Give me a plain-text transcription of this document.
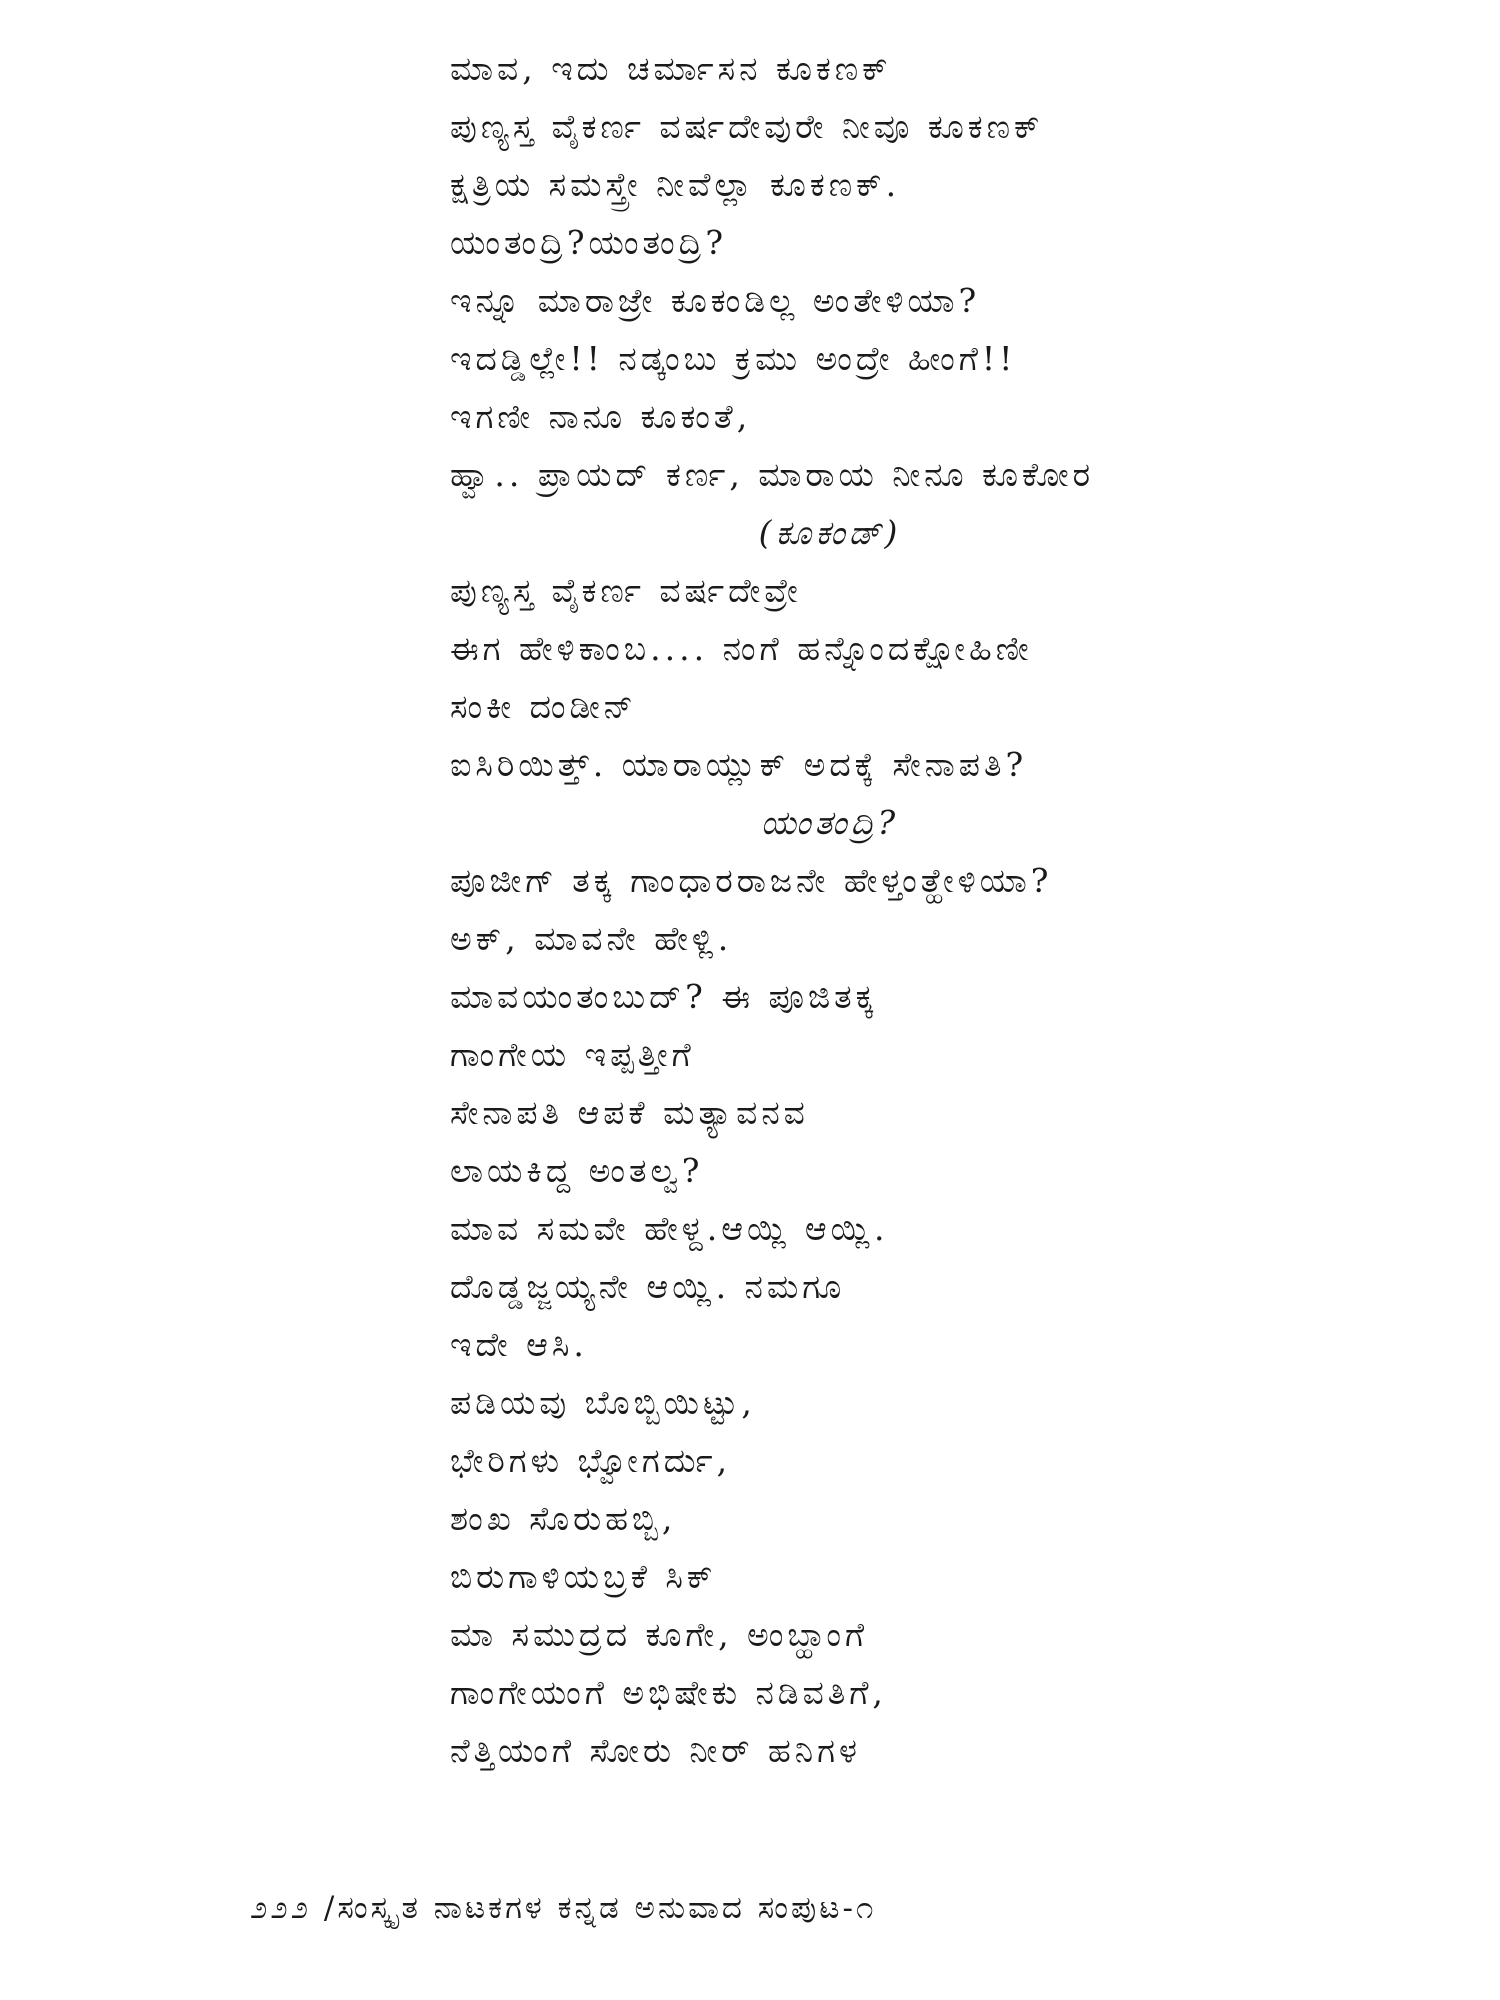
ಮಾವ, ಇದು ಚರ್ಮಾಸನ ಕೂಕಣಕ್
ಪುಣ್ಯಸ್ತ ವೈಕರ್ಣ ವರ್ಷದೇವುರೇ ನೀವೂ ಕೂಕಣಕ್
ಕ್ಷತ್ರಿಯ ಸಮಸ್ತ್ರೇ ನೀವೆಲ್ಲಾ ಕೂಕಣಕ್.
ಯಂತಂದ್ರಿ?ಯಂತಂದ್ರಿ?
ಇನ್ನೂ ಮಾರಾಜ್ರೇ ಕೂಕಂಡಿಲ್ಲ ಅಂತೇಳಿಯಾ?
ಇದಡ್ಡಿಲ್ಲೇ!! ನಡ್ಕಂಬು ಕ್ರಮು ಅಂದ್ರೇ ಹೀಂಗೆ!!
ಇಗಣೀ ನಾನೂ ಕೂಕಂತೆ,
ಹ್ವಾ.. ಪ್ರಾಯದ್ ಕರ್ಣ, ಮಾರಾಯ ನೀನೂ ಕೂಕೋರ
(ಕೂಕಂಡ್)
ಪುಣ್ಯಸ್ತ ವೈಕರ್ಣ ವರ್ಷದೇವ್ರೇ
ಈಗ ಹೇಳಿಕಾಂಬ.... ನಂಗೆ ಹನ್ನೊಂದಕ್ಷೋಹಿಣೀ
ಸಂಕೀ ದಂಡೀನ್
ಐಸಿರಿಯಿತ್ತ್. ಯಾರಾಯ್ಲುಕ್ ಅದಕ್ಕೆ ಸೇನಾಪತಿ?
ಯಂತಂದ್ರಿ?
ಪೂಜೀಗ್ ತಕ್ಕ ಗಾಂಧಾರರಾಜನೇ ಹೇಳ್ತಂತ್ಹೇಳಿಯಾ?
ಅಕ್, ಮಾವನೇ ಹೇಳ್ಲಿ.
ಮಾವಯಂತಂಬುದ್? ಈ ಪೂಜಿತಕ್ಕ
ಗಾಂಗೇಯ ಇಪ್ಪತ್ತೀಗೆ
ಸೇನಾಪತಿ ಆಪಕೆ ಮತ್ಯಾವನವ
ಲಾಯಕಿದ್ದ ಅಂತಲ್ವ?
ಮಾವ ಸಮವೇ ಹೇಳ್ದ.ಆಯ್ಲಿ ಆಯ್ಲಿ.
ದೊಡ್ಡಜ್ಜಯ್ಯನೇ ಆಯ್ಲಿ. ನಮಗೂ
ಇದೇ ಆಸಿ.
ಪಡಿಯವು ಬೊಬ್ಬಿಯಿಟ್ಟು,
ಭೇರಿಗಳು ಭ್ವೋಗರ್ದು,
ಶಂಖ ಸೊರುಹಬ್ಬಿ,
ಬಿರುಗಾಳಿಯಬ್ರಕೆ ಸಿಕ್
ಮಾ ಸಮುದ್ರದ ಕೂಗೇ, ಅಂಬ್ಹಾಂಗೆ
ಗಾಂಗೇಯಂಗೆ ಅಭಿಷೇಕು ನಡಿವತಿಗೆ,
ನೆತ್ತಿಯಂಗೆ ಸೋರು ನೀರ್ ಹನಿಗಳ
೨೨೨ /ಸಂಸ್ಕೃತ ನಾಟಕಗಳ ಕನ್ನಡ ಅನುವಾದ ಸಂಪುಟ-೧
